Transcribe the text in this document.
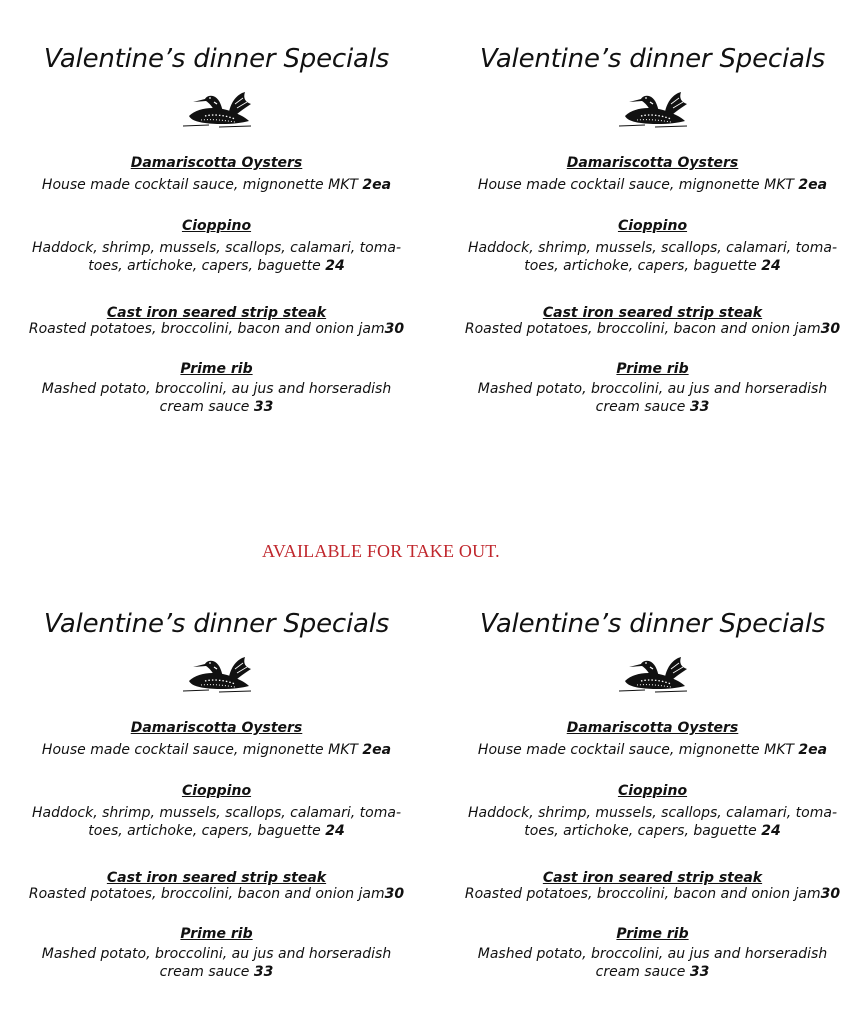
Valentine’s dinner Specials
Damariscotta Oysters
House made cocktail sauce, mignonette MKT 2ea
Cioppino
Haddock, shrimp, mussels, scallops, calamari, toma-
toes, artichoke, capers, baguette 24
Cast iron seared strip steak
Roasted potatoes, broccolini, bacon and onion jam30
Prime rib
Mashed potato, broccolini, au jus and horseradish
cream sauce 33
Valentine’s dinner Specials
Damariscotta Oysters
House made cocktail sauce, mignonette MKT 2ea
Cioppino
Haddock, shrimp, mussels, scallops, calamari, toma-
toes, artichoke, capers, baguette 24
Cast iron seared strip steak
Roasted potatoes, broccolini, bacon and onion jam30
Prime rib
Mashed potato, broccolini, au jus and horseradish
cream sauce 33
AVAILABLE FOR TAKE OUT.
Valentine’s dinner Specials
Damariscotta Oysters
House made cocktail sauce, mignonette MKT 2ea
Cioppino
Haddock, shrimp, mussels, scallops, calamari, toma-
toes, artichoke, capers, baguette 24
Cast iron seared strip steak
Roasted potatoes, broccolini, bacon and onion jam30
Prime rib
Mashed potato, broccolini, au jus and horseradish
cream sauce 33
Valentine’s dinner Specials
Damariscotta Oysters
House made cocktail sauce, mignonette MKT 2ea
Cioppino
Haddock, shrimp, mussels, scallops, calamari, toma-
toes, artichoke, capers, baguette 24
Cast iron seared strip steak
Roasted potatoes, broccolini, bacon and onion jam30
Prime rib
Mashed potato, broccolini, au jus and horseradish
cream sauce 33
